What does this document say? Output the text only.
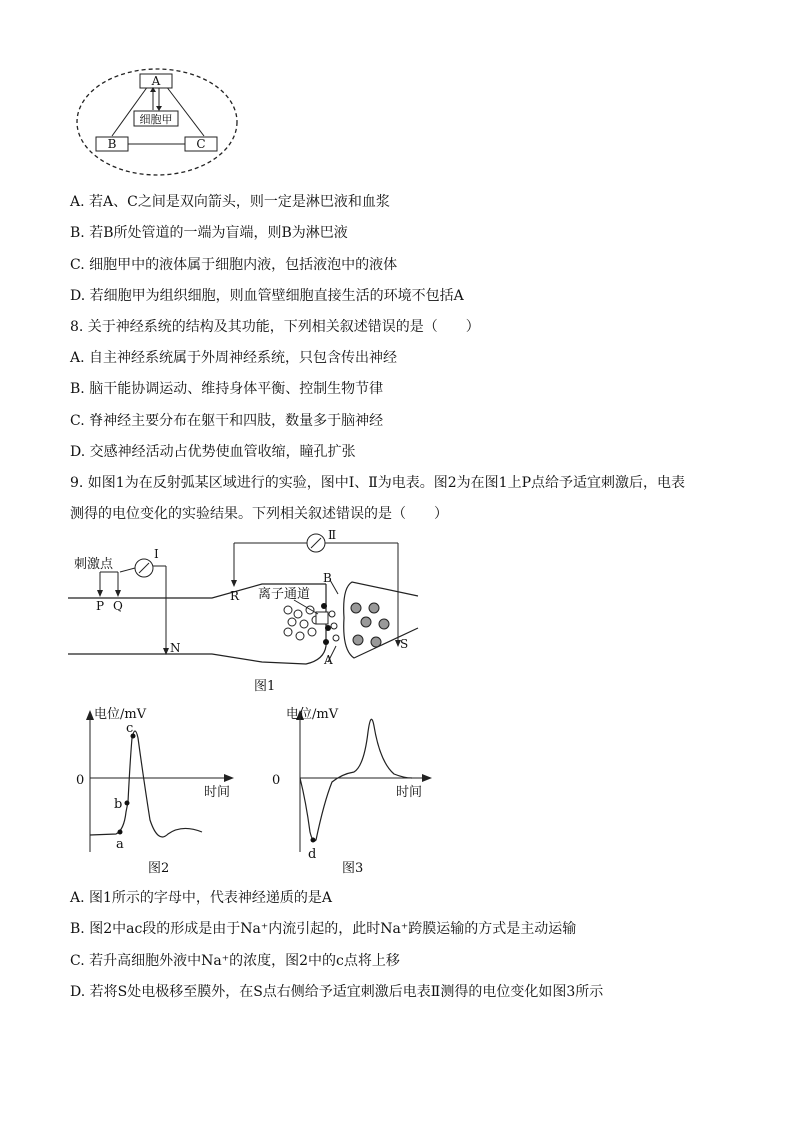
A
B	C
细胞甲
A. 若A、C之间是双向箭头，则一定是淋巴液和血浆
B. 若B所处管道的一端为盲端，则B为淋巴液
C. 细胞甲中的液体属于细胞内液，包括液泡中的液体
D. 若细胞甲为组织细胞，则血管壁细胞直接生活的环境不包括A
8. 关于神经系统的结构及其功能，下列相关叙述错误的是（　　）
A. 自主神经系统属于外周神经系统，只包含传出神经
B. 脑干能协调运动、维持身体平衡、控制生物节律
C. 脊神经主要分布在躯干和四肢，数量多于脑神经
D. 交感神经活动占优势使血管收缩，瞳孔扩张
9. 如图1为在反射弧某区域进行的实验，图中Ⅰ、Ⅱ为电表。图2为在图1上P点给予适宜刺激后，电表
测得的电位变化的实验结果。下列相关叙述错误的是（　　）
刺激点
P Q
I
Ⅱ
N
R 离子通道
B
A
S
图1
电位/mV
0
时间
a
b
c
图2
电位/mV
0
时间
d
图3
A. 图1所示的字母中，代表神经递质的是A
B. 图2中ac段的形成是由于Na⁺内流引起的，此时Na⁺跨膜运输的方式是主动运输
C. 若升高细胞外液中Na⁺的浓度，图2中的c点将上移
D. 若将S处电极移至膜外，在S点右侧给予适宜刺激后电表Ⅱ测得的电位变化如图3所示
